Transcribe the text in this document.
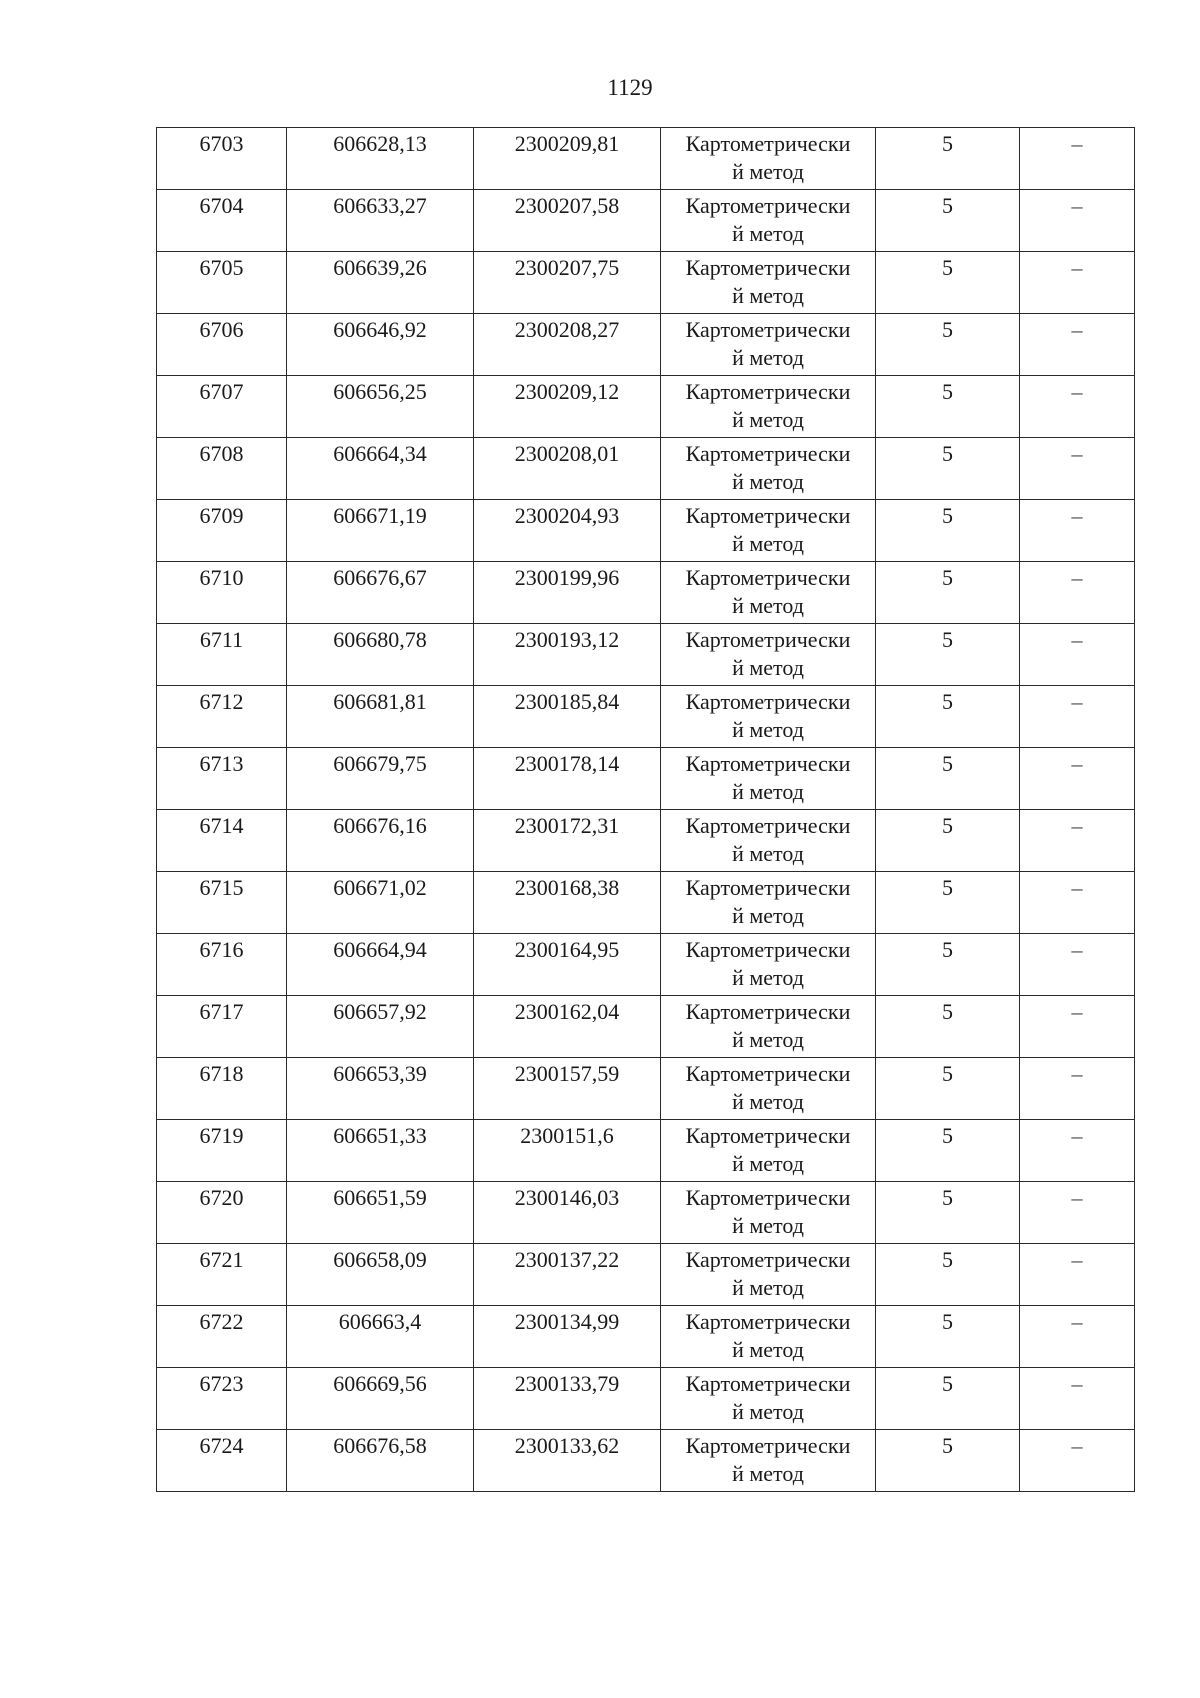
1129
6703	606628,13	2300209,81	Картометрически
й метод	5	–
6704	606633,27	2300207,58	Картометрически
й метод	5	–
6705	606639,26	2300207,75	Картометрически
й метод	5	–
6706	606646,92	2300208,27	Картометрически
й метод	5	–
6707	606656,25	2300209,12	Картометрически
й метод	5	–
6708	606664,34	2300208,01	Картометрически
й метод	5	–
6709	606671,19	2300204,93	Картометрически
й метод	5	–
6710	606676,67	2300199,96	Картометрически
й метод	5	–
6711	606680,78	2300193,12	Картометрически
й метод	5	–
6712	606681,81	2300185,84	Картометрически
й метод	5	–
6713	606679,75	2300178,14	Картометрически
й метод	5	–
6714	606676,16	2300172,31	Картометрически
й метод	5	–
6715	606671,02	2300168,38	Картометрически
й метод	5	–
6716	606664,94	2300164,95	Картометрически
й метод	5	–
6717	606657,92	2300162,04	Картометрически
й метод	5	–
6718	606653,39	2300157,59	Картометрически
й метод	5	–
6719	606651,33	2300151,6	Картометрически
й метод	5	–
6720	606651,59	2300146,03	Картометрически
й метод	5	–
6721	606658,09	2300137,22	Картометрически
й метод	5	–
6722	606663,4	2300134,99	Картометрически
й метод	5	–
6723	606669,56	2300133,79	Картометрически
й метод	5	–
6724	606676,58	2300133,62	Картометрически
й метод	5	–
